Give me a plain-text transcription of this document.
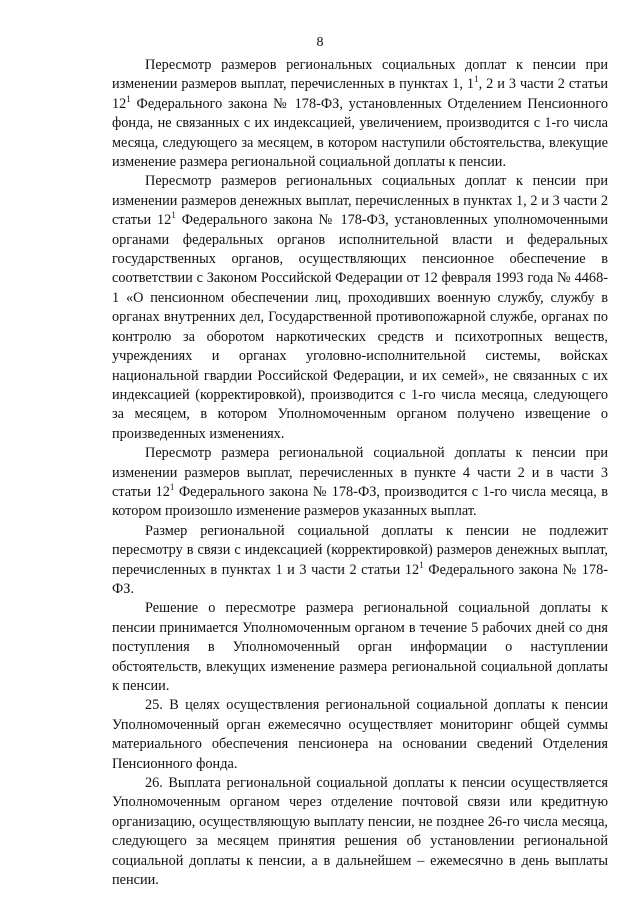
8

Пересмотр размеров региональных социальных доплат к пенсии при изменении размеров выплат, перечисленных в пунктах 1, $1^1$, 2 и 3 части 2 статьи $12^1$ Федерального закона № 178-ФЗ, установленных Отделением Пенсионного фонда, не связанных с их индексацией, увеличением, производится с 1-го числа месяца, следующего за месяцем, в котором наступили обстоятельства, влекущие изменение размера региональной социальной доплаты к пенсии.

Пересмотр размеров региональных социальных доплат к пенсии при изменении размеров денежных выплат, перечисленных в пунктах 1, 2 и 3 части 2 статьи $12^1$ Федерального закона № 178-ФЗ, установленных уполномоченными органами федеральных органов исполнительной власти и федеральных государственных органов, осуществляющих пенсионное обеспечение в соответствии с Законом Российской Федерации от 12 февраля 1993 года № 4468-1 «О пенсионном обеспечении лиц, проходивших военную службу, службу в органах внутренних дел, Государственной противопожарной службе, органах по контролю за оборотом наркотических средств и психотропных веществ, учреждениях и органах уголовно-исполнительной системы, войсках национальной гвардии Российской Федерации, и их семей», не связанных с их индексацией (корректировкой), производится с 1-го числа месяца, следующего за месяцем, в котором Уполномоченным органом получено извещение о произведенных изменениях.

Пересмотр размера региональной социальной доплаты к пенсии при изменении размеров выплат, перечисленных в пункте 4 части 2 и в части 3 статьи $12^1$ Федерального закона № 178-ФЗ, производится с 1-го числа месяца, в котором произошло изменение размеров указанных выплат.

Размер региональной социальной доплаты к пенсии не подлежит пересмотру в связи с индексацией (корректировкой) размеров денежных выплат, перечисленных в пунктах 1 и 3 части 2 статьи $12^1$ Федерального закона № 178-ФЗ.

Решение о пересмотре размера региональной социальной доплаты к пенсии принимается Уполномоченным органом в течение 5 рабочих дней со дня поступления в Уполномоченный орган информации о наступлении обстоятельств, влекущих изменение размера региональной социальной доплаты к пенсии.

25. В целях осуществления региональной социальной доплаты к пенсии Уполномоченный орган ежемесячно осуществляет мониторинг общей суммы материального обеспечения пенсионера на основании сведений Отделения Пенсионного фонда.

26. Выплата региональной социальной доплаты к пенсии осуществляется Уполномоченным органом через отделение почтовой связи или кредитную организацию, осуществляющую выплату пенсии, не позднее 26-го числа месяца, следующего за месяцем принятия решения об установлении региональной социальной доплаты к пенсии, а в дальнейшем – ежемесячно в день выплаты пенсии.
